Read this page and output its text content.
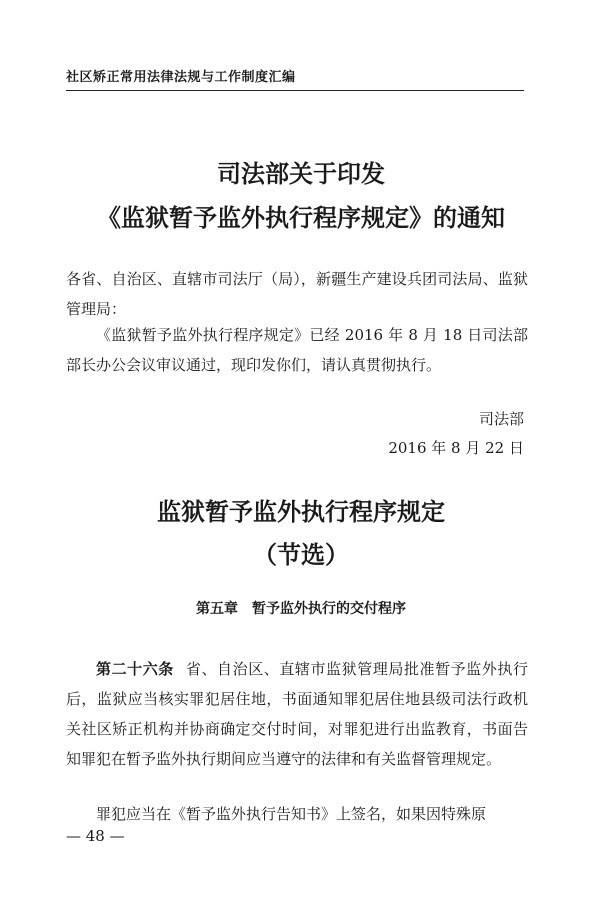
社区矫正常用法律法规与工作制度汇编
司法部关于印发
《监狱暂予监外执行程序规定》的通知
各省、自治区、直辖市司法厅（局），新疆生产建设兵团司法局、监狱管理局：
《监狱暂予监外执行程序规定》已经 2016 年 8 月 18 日司法部部长办公会议审议通过，现印发你们，请认真贯彻执行。
司法部
2016 年 8 月 22 日
监狱暂予监外执行程序规定
（节选）
第五章　暂予监外执行的交付程序
第二十六条 省、自治区、直辖市监狱管理局批准暂予监外执行后，监狱应当核实罪犯居住地，书面通知罪犯居住地县级司法行政机关社区矫正机构并协商确定交付时间，对罪犯进行出监教育，书面告知罪犯在暂予监外执行期间应当遵守的法律和有关监督管理规定。
罪犯应当在《暂予监外执行告知书》上签名，如果因特殊原
— 48 —
